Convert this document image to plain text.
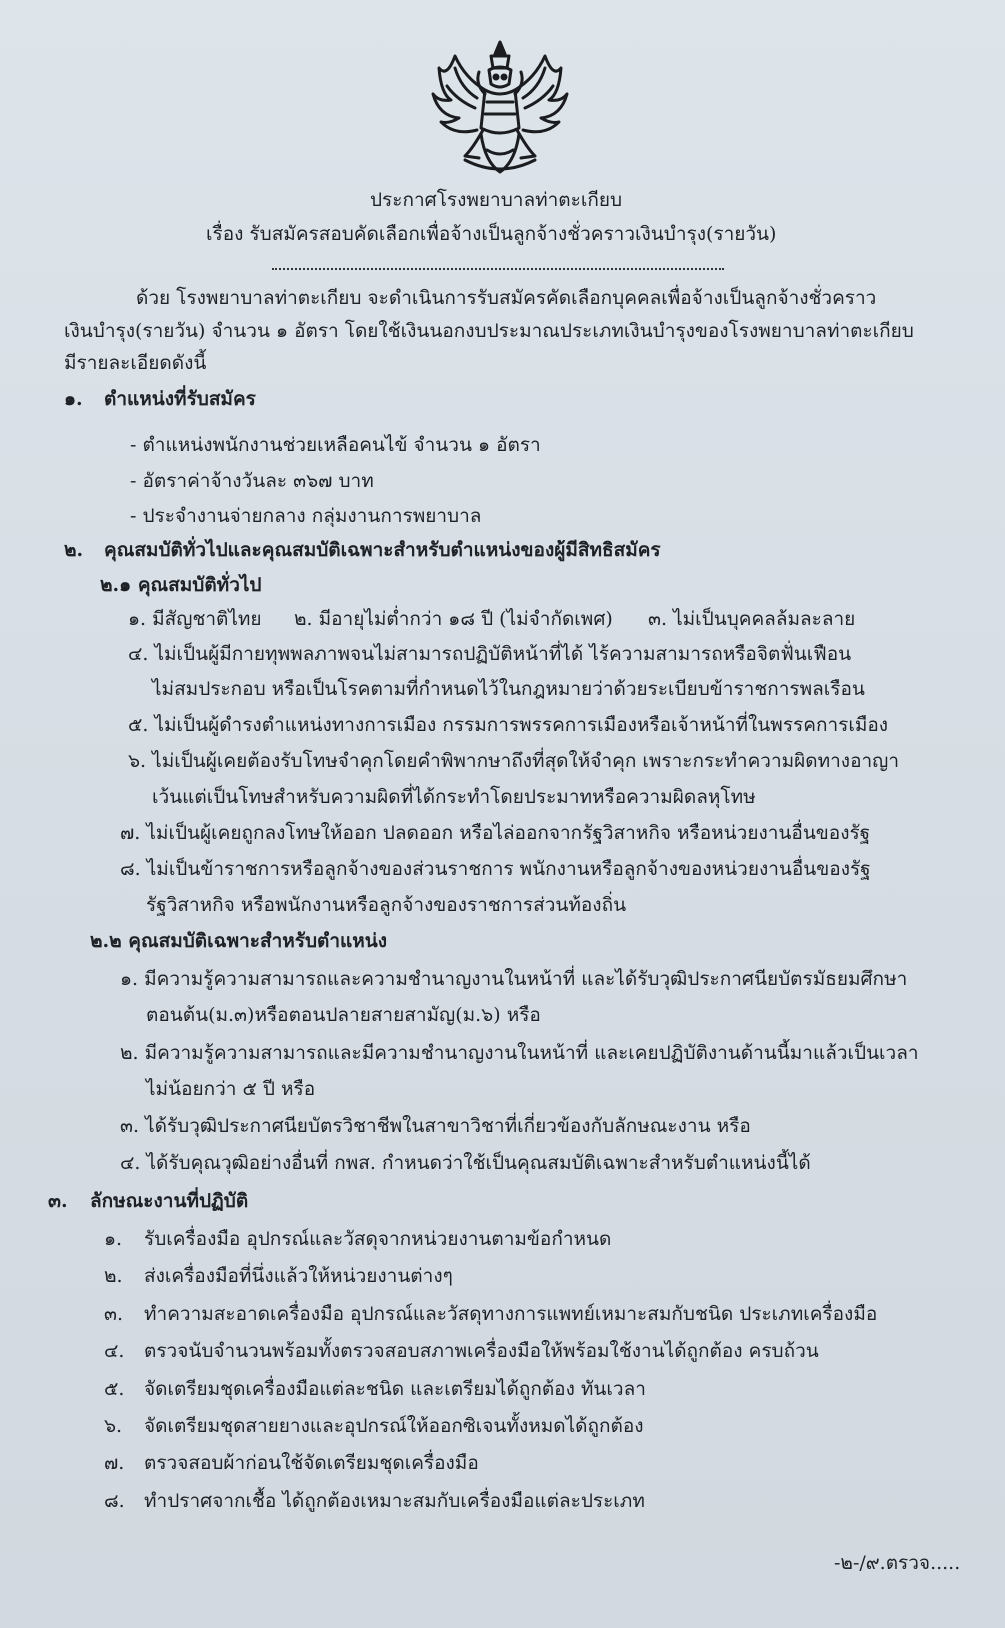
ประกาศโรงพยาบาลท่าตะเกียบ
เรื่อง รับสมัครสอบคัดเลือกเพื่อจ้างเป็นลูกจ้างชั่วคราวเงินบำรุง(รายวัน)
ด้วย โรงพยาบาลท่าตะเกียบ จะดำเนินการรับสมัครคัดเลือกบุคคลเพื่อจ้างเป็นลูกจ้างชั่วคราว
เงินบำรุง(รายวัน) จำนวน ๑ อัตรา โดยใช้เงินนอกงบประมาณประเภทเงินบำรุงของโรงพยาบาลท่าตะเกียบ
มีรายละเอียดดังนี้
๑. ตำแหน่งที่รับสมัคร
- ตำแหน่งพนักงานช่วยเหลือคนไข้ จำนวน ๑ อัตรา
- อัตราค่าจ้างวันละ ๓๖๗ บาท
- ประจำงานจ่ายกลาง กลุ่มงานการพยาบาล
๒. คุณสมบัติทั่วไปและคุณสมบัติเฉพาะสำหรับตำแหน่งของผู้มีสิทธิสมัคร
๒.๑ คุณสมบัติทั่วไป
๑. มีสัญชาติไทย ๒. มีอายุไม่ต่ำกว่า ๑๘ ปี (ไม่จำกัดเพศ) ๓. ไม่เป็นบุคคลล้มละลาย
๔. ไม่เป็นผู้มีกายทุพพลภาพจนไม่สามารถปฏิบัติหน้าที่ได้ ไร้ความสามารถหรือจิตฟั่นเฟือน
ไม่สมประกอบ หรือเป็นโรคตามที่กำหนดไว้ในกฎหมายว่าด้วยระเบียบข้าราชการพลเรือน
๕. ไม่เป็นผู้ดำรงตำแหน่งทางการเมือง กรรมการพรรคการเมืองหรือเจ้าหน้าที่ในพรรคการเมือง
๖. ไม่เป็นผู้เคยต้องรับโทษจำคุกโดยคำพิพากษาถึงที่สุดให้จำคุก เพราะกระทำความผิดทางอาญา
เว้นแต่เป็นโทษสำหรับความผิดที่ได้กระทำโดยประมาทหรือความผิดลหุโทษ
๗. ไม่เป็นผู้เคยถูกลงโทษให้ออก ปลดออก หรือไล่ออกจากรัฐวิสาหกิจ หรือหน่วยงานอื่นของรัฐ
๘. ไม่เป็นข้าราชการหรือลูกจ้างของส่วนราชการ พนักงานหรือลูกจ้างของหน่วยงานอื่นของรัฐ
รัฐวิสาหกิจ หรือพนักงานหรือลูกจ้างของราชการส่วนท้องถิ่น
๒.๒ คุณสมบัติเฉพาะสำหรับตำแหน่ง
๑. มีความรู้ความสามารถและความชำนาญงานในหน้าที่ และได้รับวุฒิประกาศนียบัตรมัธยมศึกษา
ตอนต้น(ม.๓)หรือตอนปลายสายสามัญ(ม.๖) หรือ
๒. มีความรู้ความสามารถและมีความชำนาญงานในหน้าที่ และเคยปฏิบัติงานด้านนี้มาแล้วเป็นเวลา
ไม่น้อยกว่า ๕ ปี หรือ
๓. ได้รับวุฒิประกาศนียบัตรวิชาชีพในสาขาวิชาที่เกี่ยวข้องกับลักษณะงาน หรือ
๔. ได้รับคุณวุฒิอย่างอื่นที่ กพส. กำหนดว่าใช้เป็นคุณสมบัติเฉพาะสำหรับตำแหน่งนี้ได้
๓. ลักษณะงานที่ปฏิบัติ
๑. รับเครื่องมือ อุปกรณ์และวัสดุจากหน่วยงานตามข้อกำหนด
๒. ส่งเครื่องมือที่นึ่งแล้วให้หน่วยงานต่างๆ
๓. ทำความสะอาดเครื่องมือ อุปกรณ์และวัสดุทางการแพทย์เหมาะสมกับชนิด ประเภทเครื่องมือ
๔. ตรวจนับจำนวนพร้อมทั้งตรวจสอบสภาพเครื่องมือให้พร้อมใช้งานได้ถูกต้อง ครบถ้วน
๕. จัดเตรียมชุดเครื่องมือแต่ละชนิด และเตรียมได้ถูกต้อง ทันเวลา
๖. จัดเตรียมชุดสายยางและอุปกรณ์ให้ออกซิเจนทั้งหมดได้ถูกต้อง
๗. ตรวจสอบผ้าก่อนใช้จัดเตรียมชุดเครื่องมือ
๘. ทำปราศจากเชื้อ ได้ถูกต้องเหมาะสมกับเครื่องมือแต่ละประเภท
-๒-/๙.ตรวจ.....
